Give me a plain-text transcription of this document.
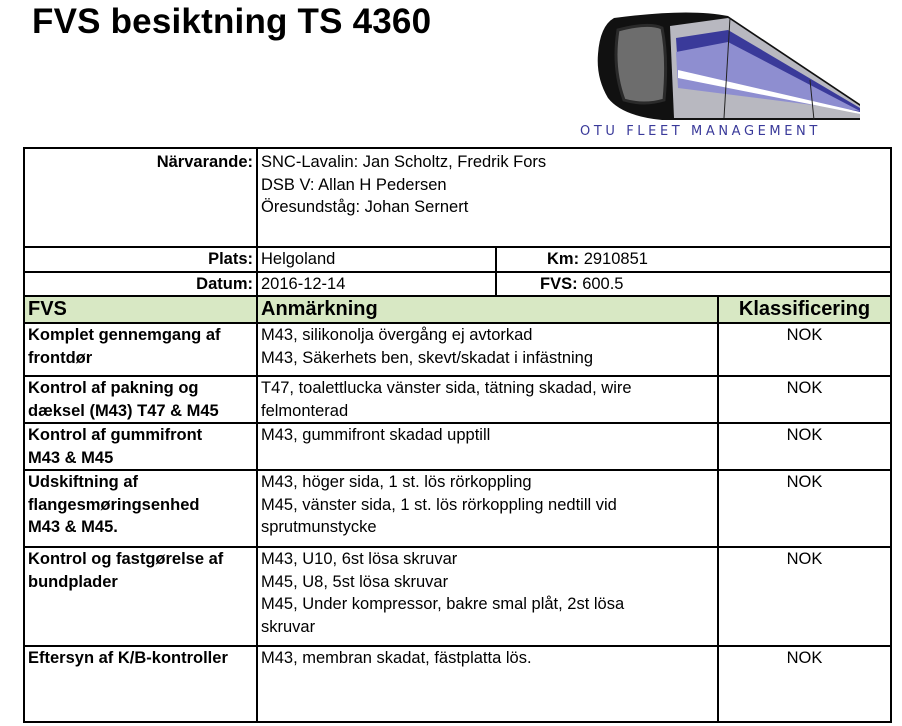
FVS besiktning TS 4360
OTU FLEET MANAGEMENT
Närvarande:	SNC-Lavalin: Jan Scholtz, Fredrik Fors
DSB V: Allan H Pedersen
Öresundståg: Johan Sernert		

Plats:	Helgoland	Km: 2910851	
Datum:	2016-12-14	FVS: 600.5	
FVS	Anmärkning		Klassificering

Komplet gennemgang af
frontdør	M43, silikonolja övergång ej avtorkad
M43, Säkerhets ben, skevt/skadat i infästning		NOK

Kontrol af pakning og
dæksel (M43) T47 & M45	T47, toalettlucka vänster sida, tätning skadad, wire
felmonterad		NOK

Kontrol af gummifront
M43 & M45	M43, gummifront skadad upptill		NOK

Udskiftning af
flangesmøringsenhed
M43 & M45.	M43, höger sida, 1 st. lös rörkoppling
M45, vänster sida, 1 st. lös rörkoppling nedtill vid
sprutmunstycke		NOK

Kontrol og fastgørelse af
bundplader	M43, U10, 6st lösa skruvar
M45, U8, 5st lösa skruvar
M45, Under kompressor, bakre smal plåt, 2st lösa
skruvar		NOK

Eftersyn af K/B-kontroller	M43, membran skadat, fästplatta lös.		NOK
